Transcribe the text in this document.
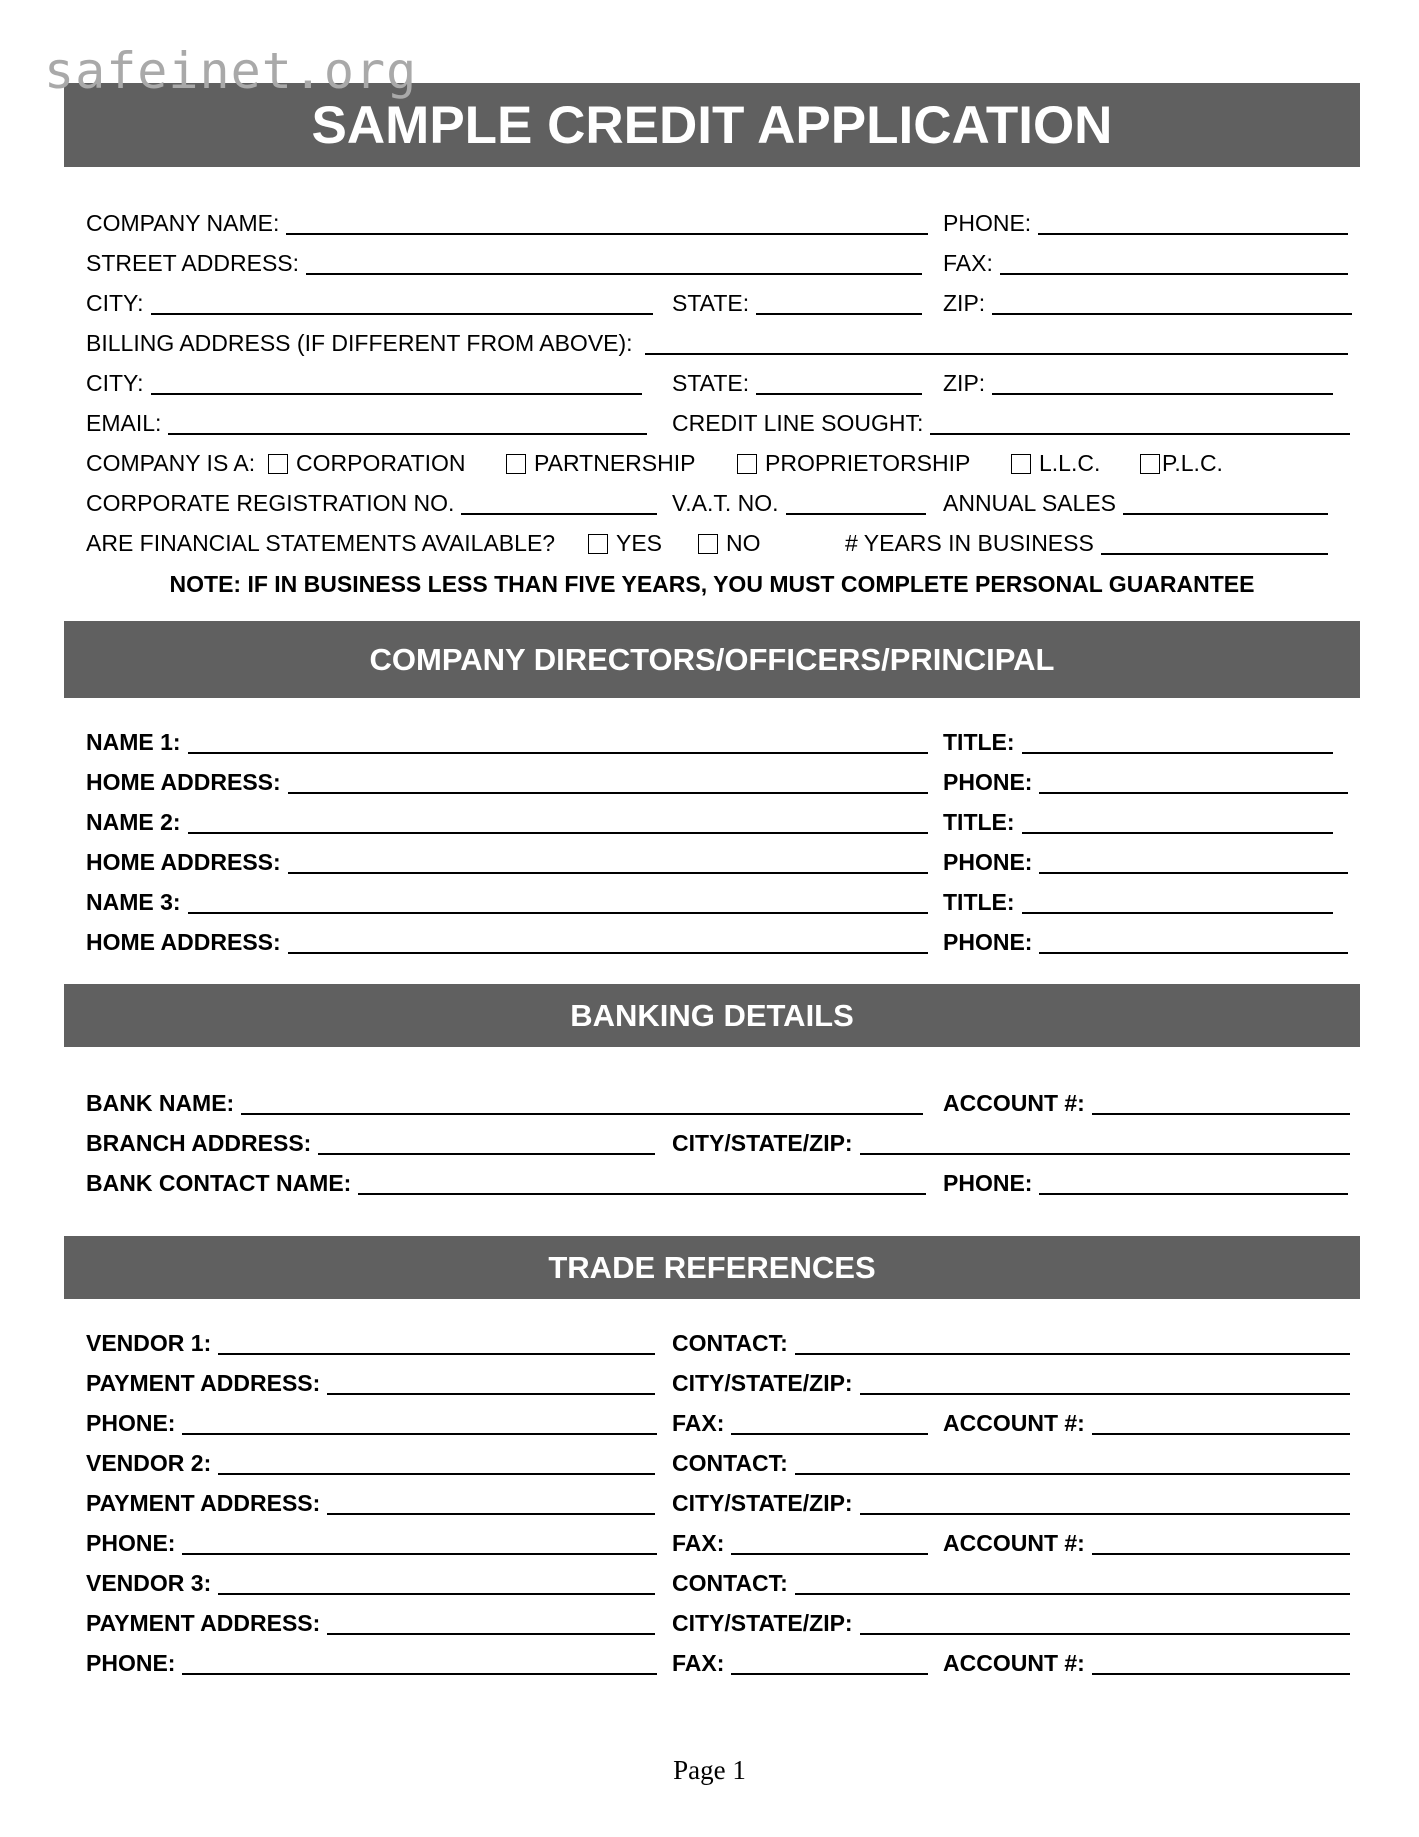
safeinet.org
SAMPLE CREDIT APPLICATION
COMPANY NAME:	PHONE:
STREET ADDRESS:	FAX:
CITY:	STATE:	ZIP:
BILLING ADDRESS (IF DIFFERENT FROM ABOVE):
CITY:	STATE:	ZIP:
EMAIL:	CREDIT LINE SOUGHT:
COMPANY IS A:	CORPORATION	PARTNERSHIP	PROPRIETORSHIP	L.L.C.	P.L.C.
CORPORATE REGISTRATION NO.	V.A.T. NO.	ANNUAL SALES
ARE FINANCIAL STATEMENTS AVAILABLE?	YES	NO	# YEARS IN BUSINESS
NOTE: IF IN BUSINESS LESS THAN FIVE YEARS, YOU MUST COMPLETE PERSONAL GUARANTEE
COMPANY DIRECTORS/OFFICERS/PRINCIPAL
NAME 1:	TITLE:
HOME ADDRESS:	PHONE:
NAME 2:	TITLE:
HOME ADDRESS:	PHONE:
NAME 3:	TITLE:
HOME ADDRESS:	PHONE:
BANKING DETAILS
BANK NAME:	ACCOUNT #:
BRANCH ADDRESS:	CITY/STATE/ZIP:
BANK CONTACT NAME:	PHONE:
TRADE REFERENCES
VENDOR 1:	CONTACT:
PAYMENT ADDRESS:	CITY/STATE/ZIP:
PHONE:	FAX:	ACCOUNT #:
VENDOR 2:	CONTACT:
PAYMENT ADDRESS:	CITY/STATE/ZIP:
PHONE:	FAX:	ACCOUNT #:
VENDOR 3:	CONTACT:
PAYMENT ADDRESS:	CITY/STATE/ZIP:
PHONE:	FAX:	ACCOUNT #:
Page 1
